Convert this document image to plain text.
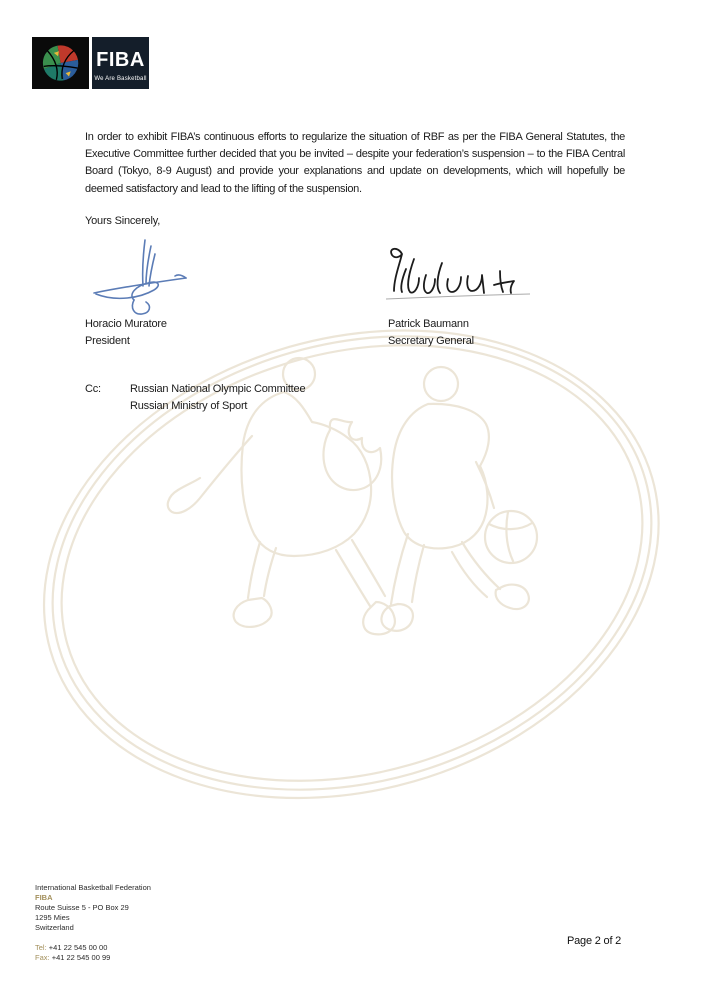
FIBA
We Are Basketball

In order to exhibit FIBA’s continuous efforts to regularize the situation of RBF as per the FIBA General Statutes, the Executive Committee further decided that you be invited – despite your federation’s suspension – to the FIBA Central Board (Tokyo, 8-9 August) and provide your explanations and update on developments, which will hopefully be deemed satisfactory and lead to the lifting of the suspension.

Yours Sincerely,
Horacio Muratore
President
Patrick Baumann
Secretary General
Cc:	Russian National Olympic Committee
Russian Ministry of Sport
International Basketball Federation
FIBA
Route Suisse 5 - PO Box 29
1295 Mies
Switzerland
Tel: +41 22 545 00 00
Fax: +41 22 545 00 99
Page 2 of 2
